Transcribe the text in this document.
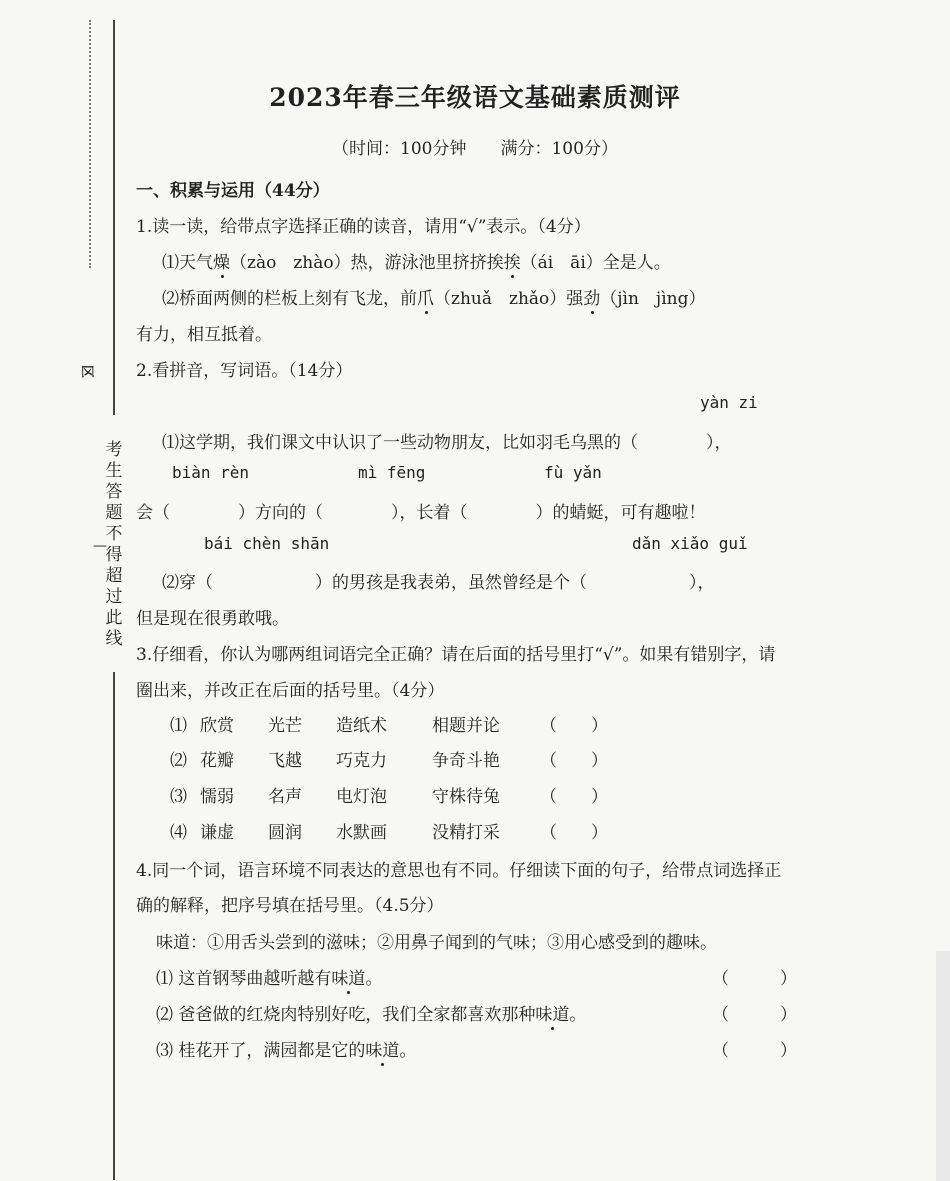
区
考生答题不得超过此线
—
2023年春三年级语文基础素质测评
（时间：100分钟　　满分：100分）
一、积累与运用（44分）
1.读一读，给带点字选择正确的读音，请用“√”表示。（4分）
⑴天气燥（zào　zhào）热，游泳池里挤挤挨挨（ái　āi）全是人。
⑵桥面两侧的栏板上刻有飞龙，前爪（zhuǎ　zhǎo）强劲（jìn　jìng）
有力，相互抵着。
2.看拼音，写词语。（14分）
yàn zi
⑴这学期，我们课文中认识了一些动物朋友，比如羽毛乌黑的（　　　　），
biàn rèn	mì fēng	fù yǎn
会（　　　　）方向的（　　　　），长着（　　　　）的蜻蜓，可有趣啦！
bái chèn shān	dǎn xiǎo guǐ
⑵穿（　　　　　　）的男孩是我表弟，虽然曾经是个（　　　　　　），
但是现在很勇敢哦。
3.仔细看，你认为哪两组词语完全正确？请在后面的括号里打“√”。如果有错别字，请
圈出来，并改正在后面的括号里。（4分）
⑴ 欣赏 光芒 造纸术	相题并论 （　　）
⑵ 花瓣 飞越 巧克力	争奇斗艳 （　　）
⑶ 懦弱 名声 电灯泡	守株待兔 （　　）
⑷ 谦虚 圆润 水默画	没精打采 （　　）
4.同一个词，语言环境不同表达的意思也有不同。仔细读下面的句子，给带点词选择正
确的解释，把序号填在括号里。（4.5分）
味道：①用舌头尝到的滋味；②用鼻子闻到的气味；③用心感受到的趣味。
⑴ 这首钢琴曲越听越有味道。	（　　　）
⑵ 爸爸做的红烧肉特别好吃，我们全家都喜欢那种味道。	（　　　）
⑶ 桂花开了，满园都是它的味道。	（　　　）
